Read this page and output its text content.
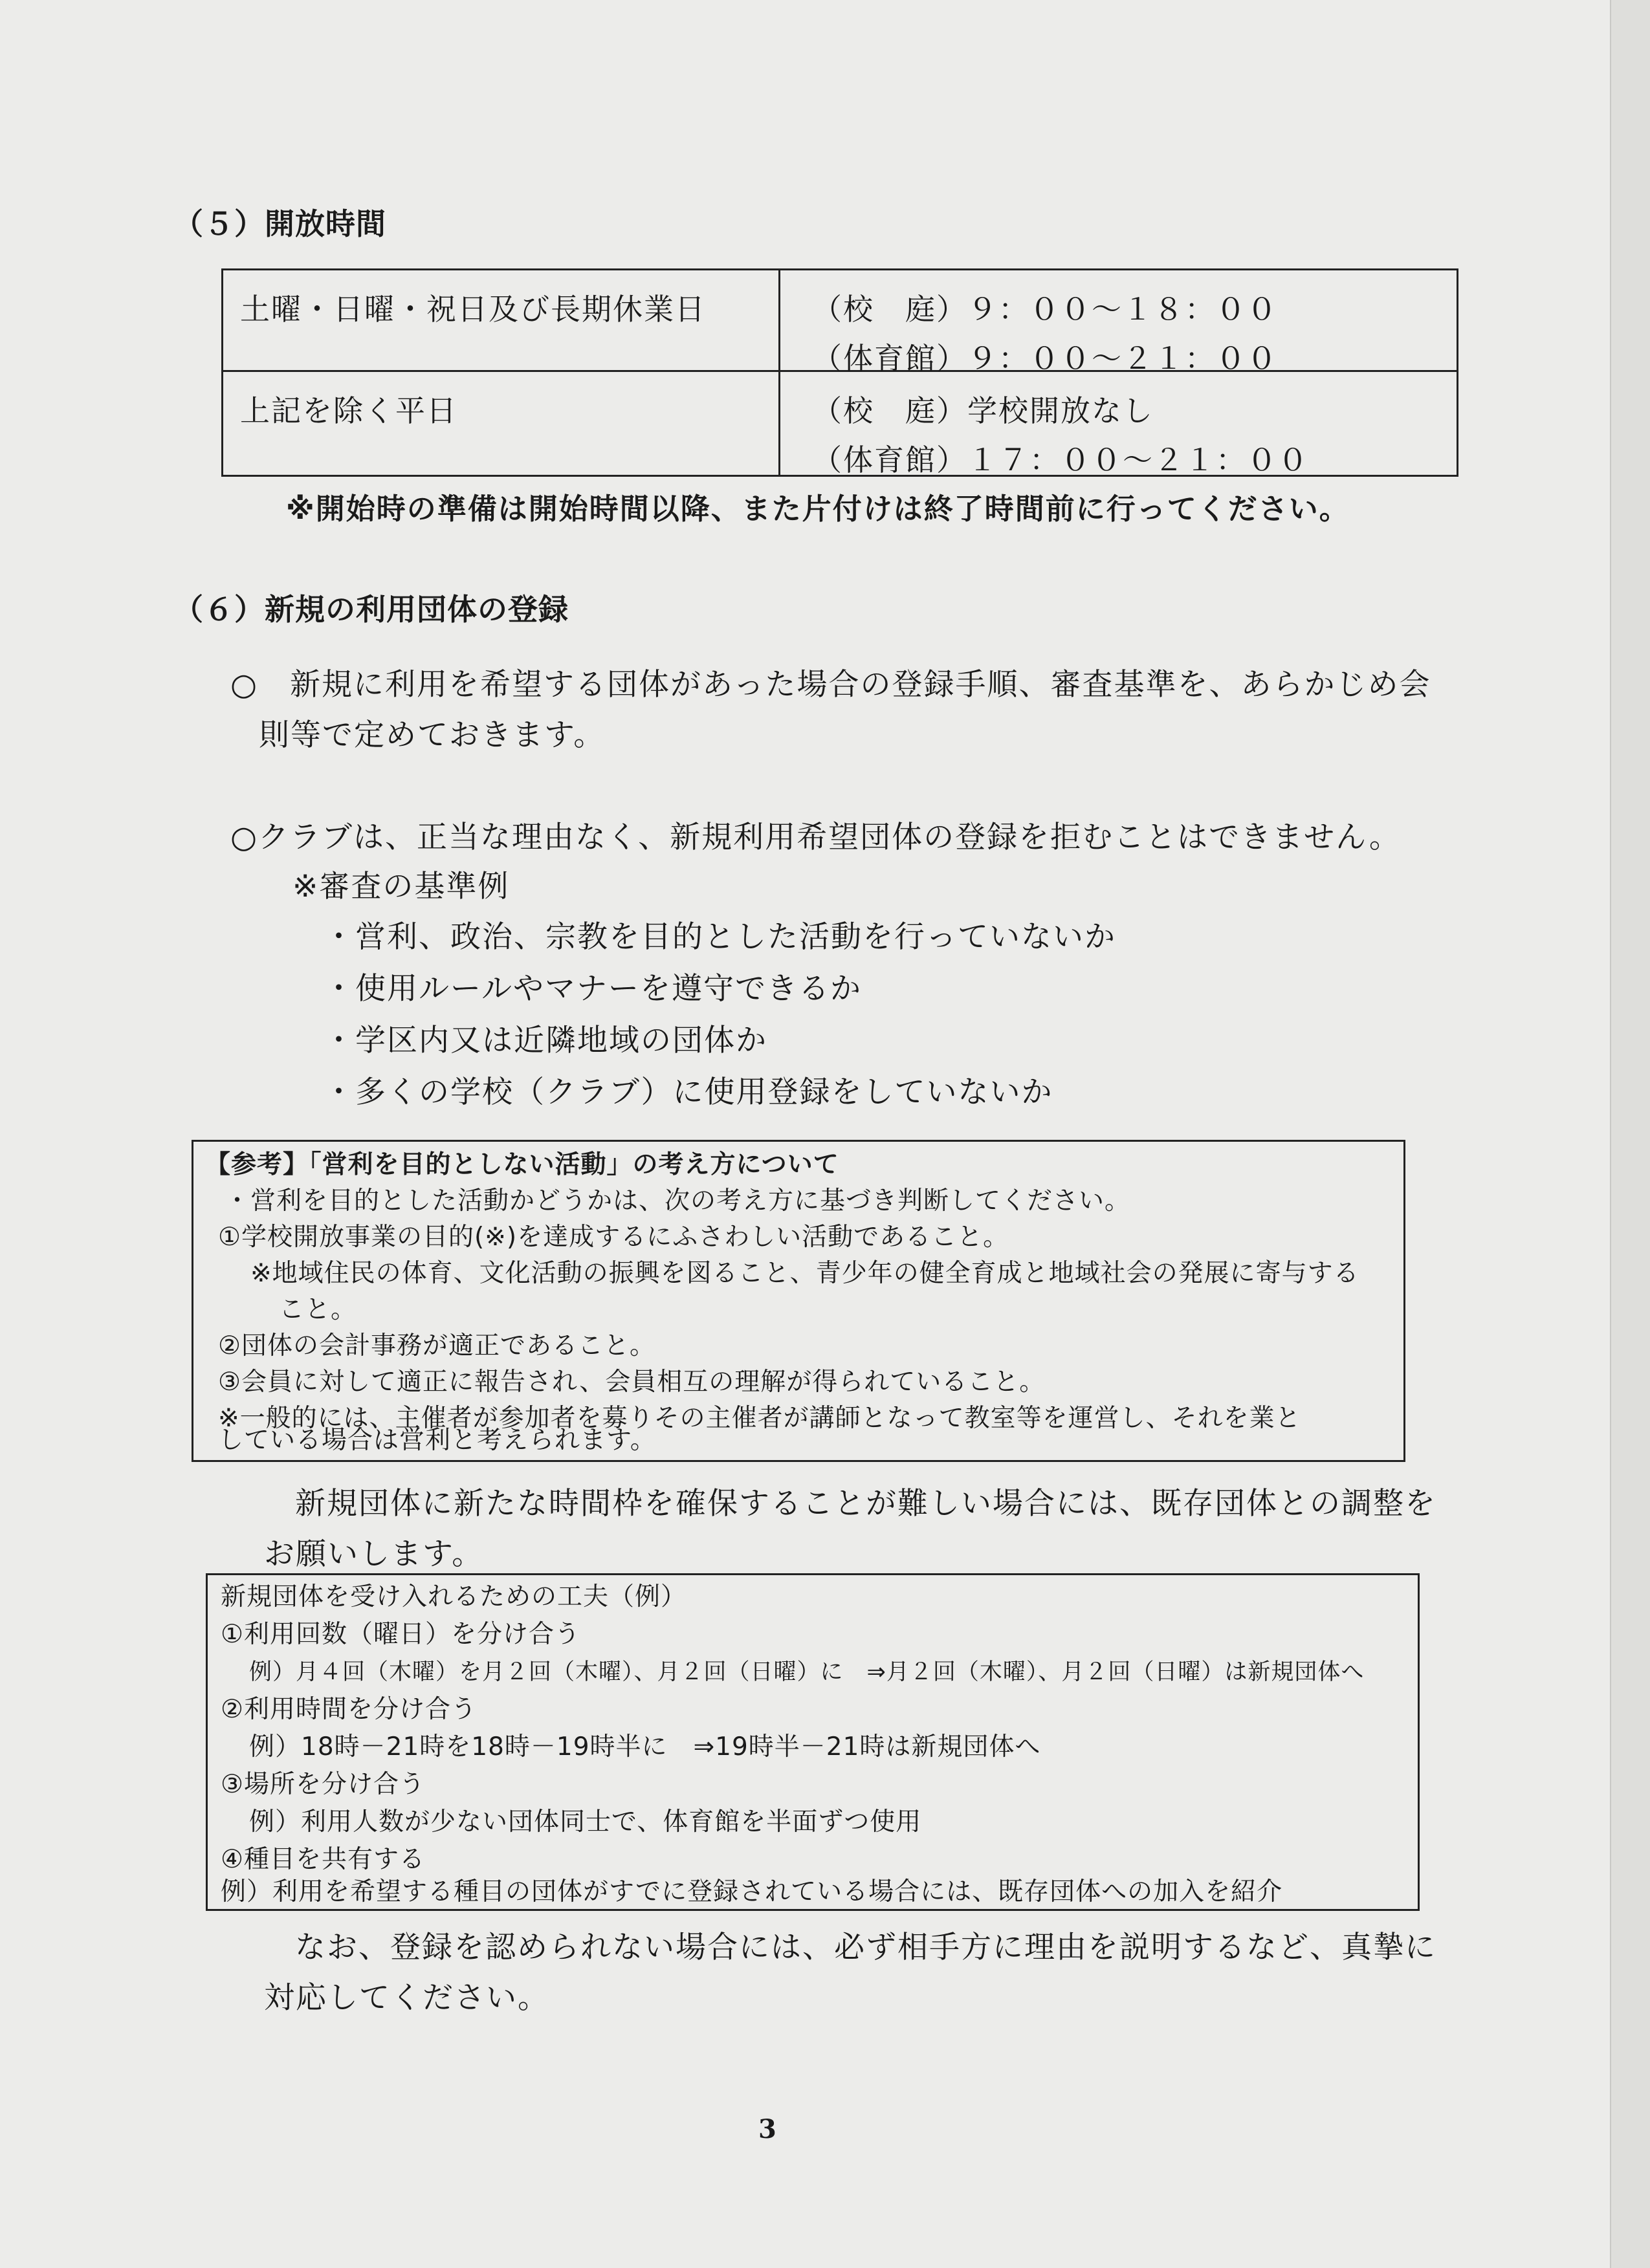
（５）開放時間
土曜・日曜・祝日及び長期休業日	（校　庭）９：００～１８：００
（体育館）９：００～２１：００
上記を除く平日	（校　庭）学校開放なし
（体育館）１７：００～２１：００
※開始時の準備は開始時間以降、また片付けは終了時間前に行ってください。
（６）新規の利用団体の登録
○　新規に利用を希望する団体があった場合の登録手順、審査基準を、あらかじめ会
則等で定めておきます。
○クラブは、正当な理由なく、新規利用希望団体の登録を拒むことはできません。
※審査の基準例
・営利、政治、宗教を目的とした活動を行っていないか
・使用ルールやマナーを遵守できるか
・学区内又は近隣地域の団体か
・多くの学校（クラブ）に使用登録をしていないか
【参考】「営利を目的としない活動」の考え方について
・営利を目的とした活動かどうかは、次の考え方に基づき判断してください。
①学校開放事業の目的(※)を達成するにふさわしい活動であること。
※地域住民の体育、文化活動の振興を図ること、青少年の健全育成と地域社会の発展に寄与する
こと。
②団体の会計事務が適正であること。
③会員に対して適正に報告され、会員相互の理解が得られていること。
※一般的には、主催者が参加者を募りその主催者が講師となって教室等を運営し、それを業と
している場合は営利と考えられます。
新規団体に新たな時間枠を確保することが難しい場合には、既存団体との調整を
お願いします。
新規団体を受け入れるための工夫（例）
①利用回数（曜日）を分け合う
例）月４回（木曜）を月２回（木曜）、月２回（日曜）に　⇒月２回（木曜）、月２回（日曜）は新規団体へ
②利用時間を分け合う
例）18時－21時を18時－19時半に　⇒19時半－21時は新規団体へ
③場所を分け合う
例）利用人数が少ない団体同士で、体育館を半面ずつ使用
④種目を共有する
例）利用を希望する種目の団体がすでに登録されている場合には、既存団体への加入を紹介
なお、登録を認められない場合には、必ず相手方に理由を説明するなど、真摯に
対応してください。
3
